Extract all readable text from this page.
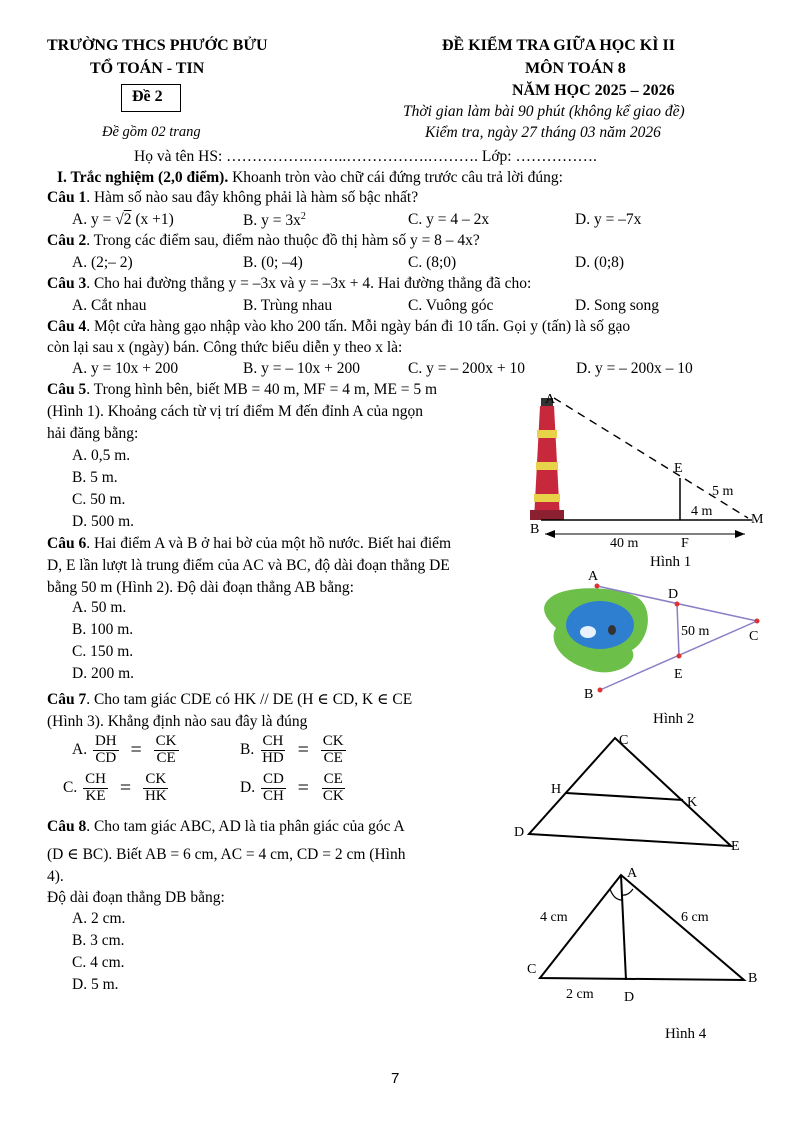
TRƯỜNG THCS PHƯỚC BỬU
TỔ TOÁN - TIN
Đề 2
Đề gồm 02 trang
ĐỀ KIỂM TRA GIỮA HỌC KÌ II
MÔN TOÁN 8
NĂM HỌC 2025 – 2026
Thời gian làm bài 90 phút (không kể giao đề)
Kiểm tra, ngày 27 tháng 03 năm 2026
Họ và tên HS: …………….……..…………….………. Lớp: …………….
I. Trắc nghiệm (2,0 điểm). Khoanh tròn vào chữ cái đứng trước câu trả lời đúng:
Câu 1. Hàm số nào sau đây không phải là hàm số bậc nhất?
A. y = √2 (x +1)	B. $y = 3x^2$	C. y = 4 – 2x	D. y = –7x
Câu 2. Trong các điểm sau, điểm nào thuộc đồ thị hàm số y = 8 – 4x?
A. (2;– 2)	B. (0; –4)	C. (8;0)	D. (0;8)
Câu 3. Cho hai đường thẳng y = –3x và y = –3x + 4. Hai đường thẳng đã cho:
A. Cắt nhau	B. Trùng nhau	C. Vuông góc	D. Song song
Câu 4. Một cửa hàng gạo nhập vào kho 200 tấn. Mỗi ngày bán đi 10 tấn. Gọi y (tấn) là số gạo
còn lại sau x (ngày) bán. Công thức biểu diễn y theo x là:
A. y = 10x + 200	B. y = – 10x + 200	C. y = – 200x + 10	D. y = – 200x – 10
Câu 5. Trong hình bên, biết MB = 40 m, MF = 4 m, ME = 5 m
(Hình 1). Khoảng cách từ vị trí điểm M đến đỉnh A của ngọn
hải đăng bằng:
A. 0,5 m.
B. 5 m.
C. 50 m.
D. 500 m.
Câu 6. Hai điểm A và B ở hai bờ của một hồ nước. Biết hai điểm
D, E lần lượt là trung điểm của AC và BC, độ dài đoạn thẳng DE
bằng 50 m (Hình 2). Độ dài đoạn thẳng AB bằng:
A. 50 m.
B. 100 m.
C. 150 m.
D. 200 m.
Câu 7. Cho tam giác CDE có HK // DE (H ∈ CD, K ∈ CE
(Hình 3). Khẳng định nào sau đây là đúng
A. $\frac{DH}{CD} = \frac{CK}{CE}$	B. $\frac{CH}{HD} = \frac{CK}{CE}$
C. $\frac{CH}{KE} = \frac{CK}{HK}$	D. $\frac{CD}{CH} = \frac{CE}{CK}$
Câu 8. Cho tam giác ABC, AD là tia phân giác của góc A
(D ∈ BC). Biết AB = 6 cm, AC = 4 cm, CD = 2 cm (Hình
4).
Độ dài đoạn thẳng DB bằng:
A. 2 cm.
B. 3 cm.
C. 4 cm.
D. 5 m.
A
E
5 m
4 m
M
B
40 m	F
Hình 1
A
D
50 m	C
E
B
Hình 2
C
H
K
D
E
A
4 cm	6 cm
C
B
2 cm D
Hình 4
7
